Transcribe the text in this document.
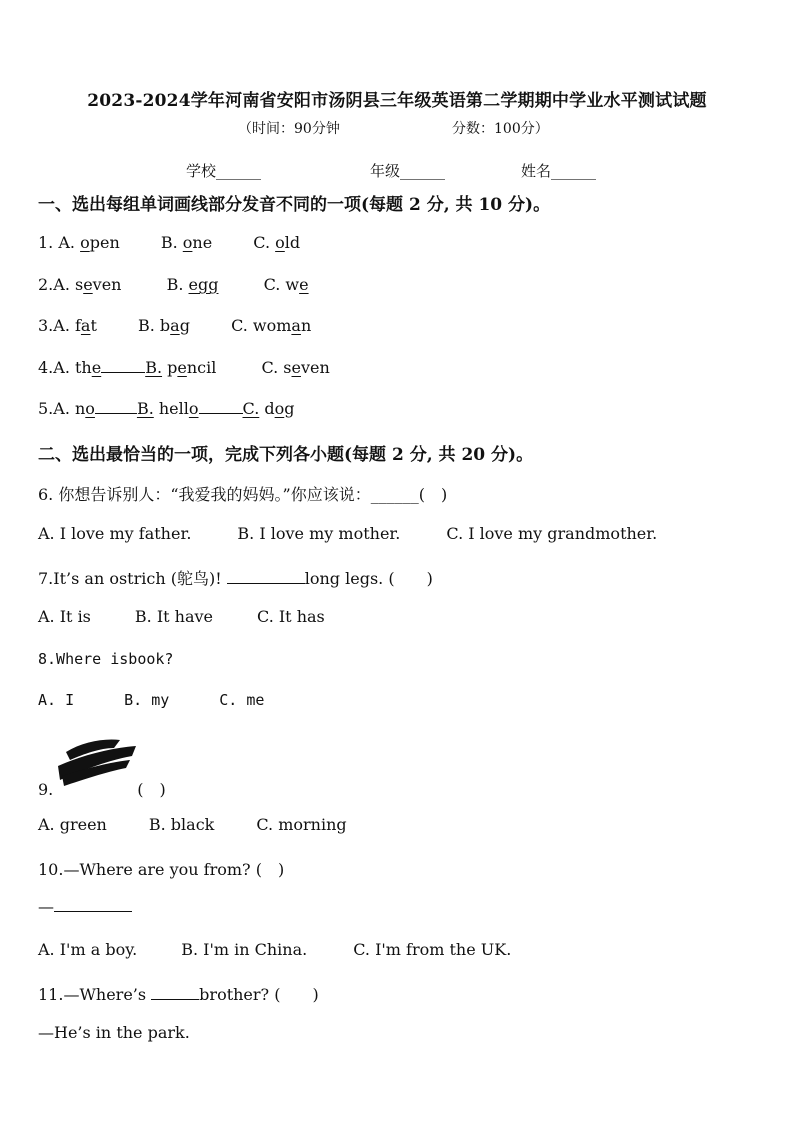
2023-2024学年河南省安阳市汤阴县三年级英语第二学期期中学业水平测试试题
（时间：90分钟	分数：100分）
学校______	年级______	姓名______
一、选出每组单词画线部分发音不同的一项(每题 2 分, 共 10 分)。
1. A. open	B. one	C. old
2.A. seven	B. egg	C. we
3.A. fat	B. bag	C. woman
4.A. the	B. pencil	C. seven
5.A. no	B. hello	C. dog
二、选出最恰当的一项，完成下列各小题(每题 2 分, 共 20 分)。
6. 你想告诉别人：“我爱我的妈妈。”你应该说：______(　)
A. I love my father.	B. I love my mother.	C. I love my grandmother.
7.It’s an ostrich (鸵鸟)!	long legs. (　　)
A. It is	B. It have	C. It has
8.Where isbook?
A. I	B. my	C. me
9.	(　)
A. green	B. black	C. morning
10.—Where are you from? (　)
—
A. I'm a boy.	B. I'm in China.	C. I'm from the UK.
11.—Where’s	brother? (　　)
—He’s in the park.
